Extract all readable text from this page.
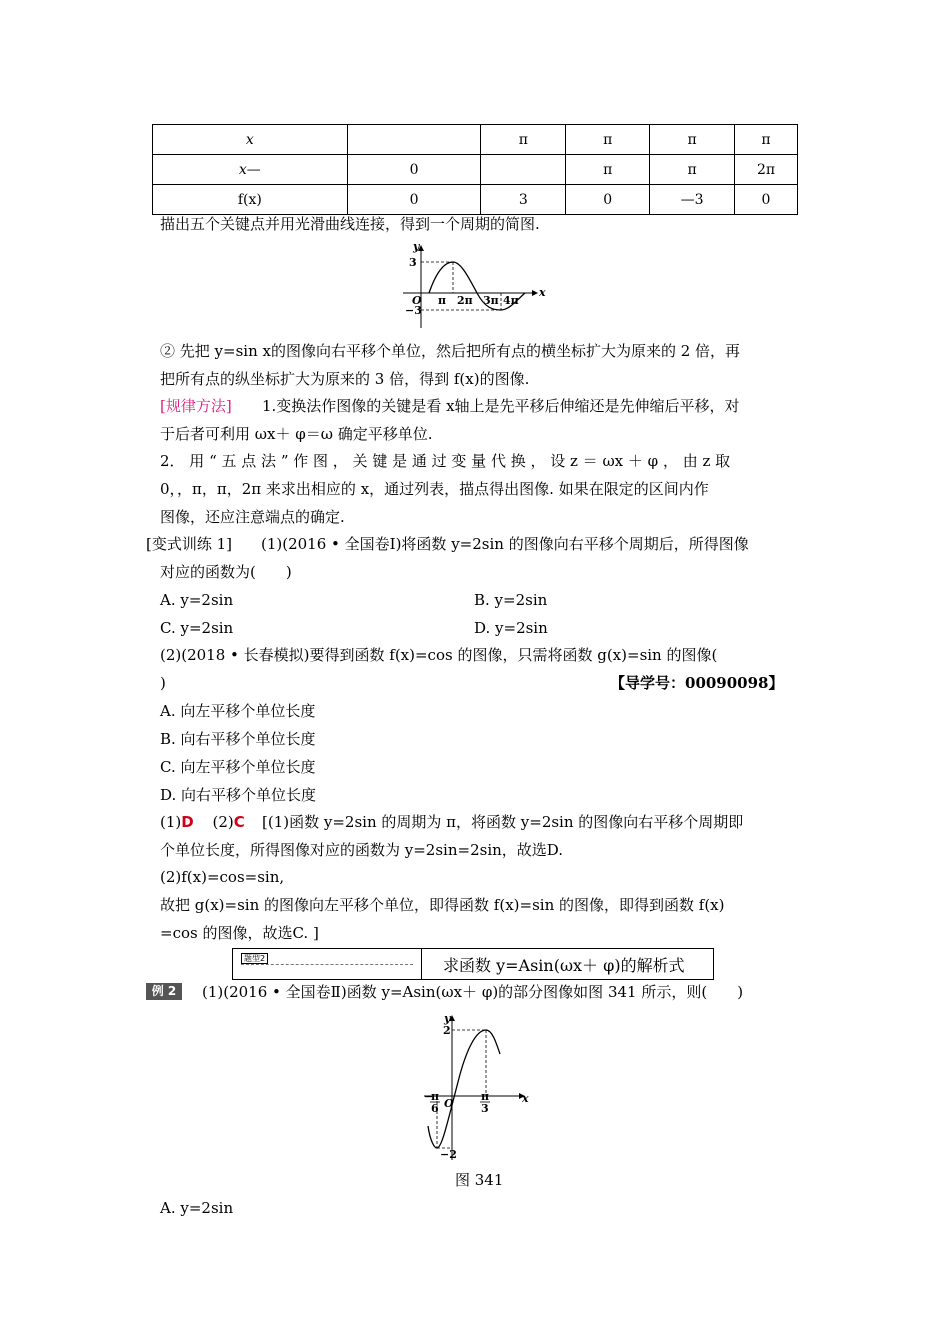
x		π	π	π	π
x—	0		π	π	2π
f(x)	0	3	0	—3	0
描出五个关键点并用光滑曲线连接，得到一个周期的简图.
y
3
−3
O
x
π 2π 3π 4π
② 先把 y=sin x的图像向右平移个单位，然后把所有点的横坐标扩大为原来的 2 倍，再
把所有点的纵坐标扩大为原来的 3 倍，得到 f(x)的图像.
[规律方法] 1.变换法作图像的关键是看 x轴上是先平移后伸缩还是先伸缩后平移，对
于后者可利用 ωx＋ φ＝ω 确定平移单位.
2． 用 “ 五 点 法 ” 作 图 ， 关 键 是 通 过 变 量 代 换 ， 设 z ＝ ωx ＋ φ ， 由 z 取
0，，π，π，2π 来求出相应的 x，通过列表，描点得出图像. 如果在限定的区间内作
图像，还应注意端点的确定.
[变式训练 1] (1)(2016 • 全国卷Ⅰ)将函数 y=2sin 的图像向右平移个周期后，所得图像
对应的函数为(　　)
A. y=2sin	B. y=2sin
C. y=2sin	D. y=2sin
(2)(2018 • 长春模拟)要得到函数 f(x)=cos 的图像，只需将函数 g(x)=sin 的图像(
)	【导学号：00090098】
A. 向左平移个单位长度
B. 向右平移个单位长度
C. 向左平移个单位长度
D. 向右平移个单位长度
(1)D (2)C [(1)函数 y=2sin 的周期为 π，将函数 y=2sin 的图像向右平移个周期即
个单位长度，所得图像对应的函数为 y=2sin=2sin，故选D.
(2)f(x)=cos=sin,
故把 g(x)=sin 的图像向左平移个单位，即得函数 f(x)=sin 的图像，即得到函数 f(x)
=cos 的图像，故选C. ]
题型2	求函数 y=Asin(ωx＋ φ)的解析式
例 2	(1)(2016 • 全国卷Ⅱ)函数 y=Asin(ωx＋ φ)的部分图像如图 341 所示，则(　　)
y
2
−2
O	x
−
π
6
π
3
图 341
A. y=2sin
